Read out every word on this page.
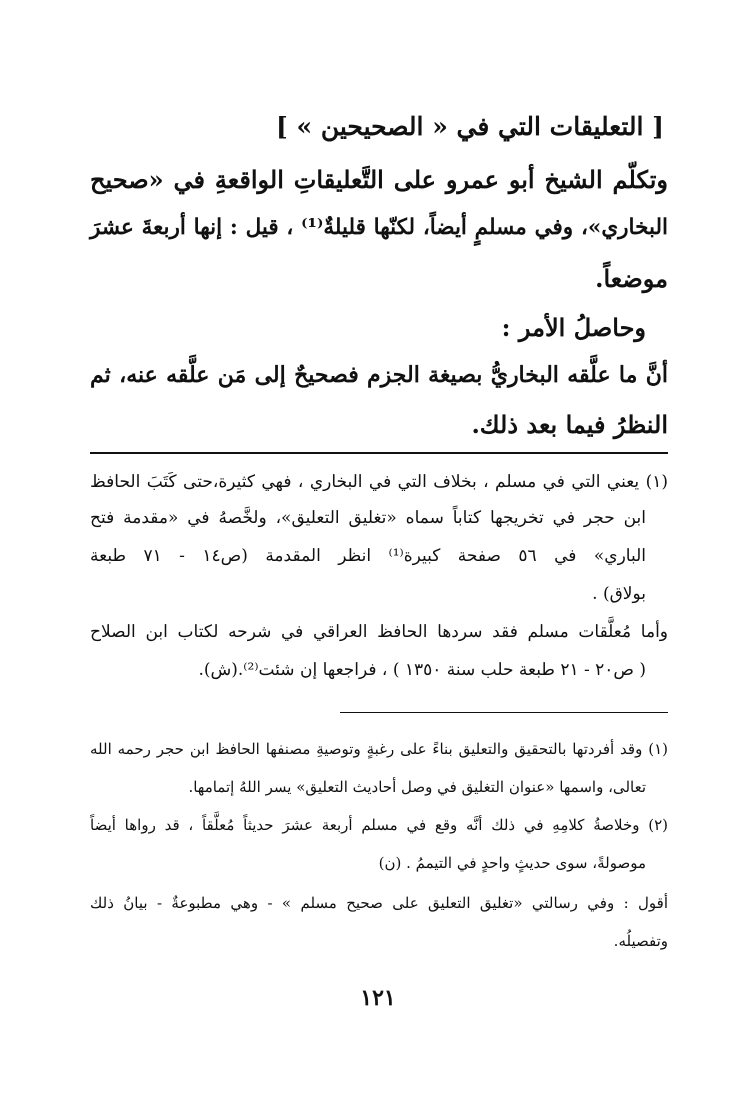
[ التعليقات التي في « الصحيحين » ]
وتكلّم الشيخ أبو عمرو على التَّعليقاتِ الواقعةِ في «صحيح
البخاري»، وفي مسلمٍ أيضاً، لكنّها قليلةٌ⁽¹⁾ ، قيل : إنها أربعةَ عشرَ
موضعاً.
وحاصلُ الأمر :
أنَّ ما علَّقه البخاريُّ بصيغة الجزم فصحيحٌ إلى مَن علَّقه عنه، ثم
النظرُ فيما بعد ذلك.
(١) يعني التي في مسلم ، بخلاف التي في البخاري ، فهي كثيرة،حتى كَتَبَ الحافظ
ابن حجر في تخريجها كتاباً سماه «تغليق التعليق»، ولخَّصهُ في «مقدمة فتح
الباري» في ٥٦ صفحة كبيرة⁽¹⁾ انظر المقدمة (ص١٤ - ٧١ طبعة
بولاق) .
وأما مُعلَّقات مسلم فقد سردها الحافظ العراقي في شرحه لكتاب ابن الصلاح
( ص٢٠ - ٢١ طبعة حلب سنة ١٣٥٠ ) ، فراجعها إن شئت⁽²⁾.(ش).
(١) وقد أفردتها بالتحقيق والتعليق بناءً على رغبةٍ وتوصيةِ مصنفها الحافظ ابن حجر رحمه الله
تعالى، واسمها «عنوان التغليق في وصل أحاديث التعليق» يسر اللهُ إتمامها.
(٢) وخلاصةُ كلامِهِ في ذلك أنَّه وقع في مسلم أربعة عشرَ حديثاً مُعلَّقاً ، قد رواها أيضاً
موصولةً، سوى حديثٍ واحدٍ في التيممُ . (ن)
أقول : وفي رسالتي «تغليق التعليق على صحيح مسلم » - وهي مطبوعةٌ - بيانُ ذلك
وتفصيلُه.
١٢١
